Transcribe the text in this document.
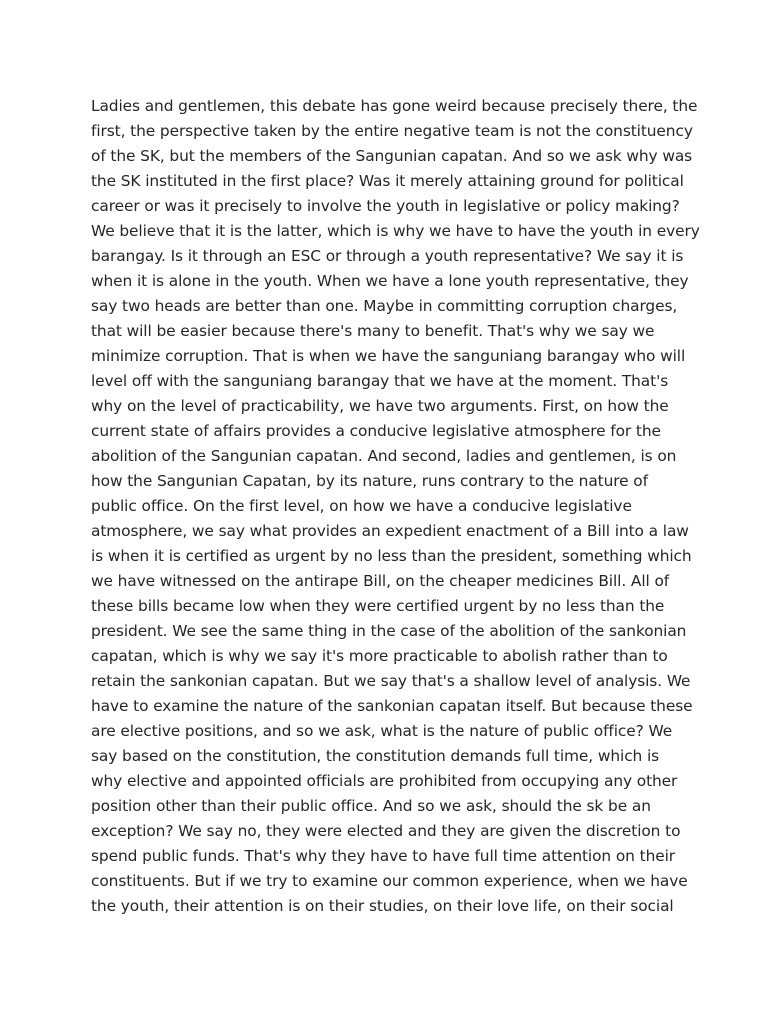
Ladies and gentlemen, this debate has gone weird because precisely there, the
first, the perspective taken by the entire negative team is not the constituency
of the SK, but the members of the Sangunian capatan. And so we ask why was
the SK instituted in the first place? Was it merely attaining ground for political
career or was it precisely to involve the youth in legislative or policy making?
We believe that it is the latter, which is why we have to have the youth in every
barangay. Is it through an ESC or through a youth representative? We say it is
when it is alone in the youth. When we have a lone youth representative, they
say two heads are better than one. Maybe in committing corruption charges,
that will be easier because there's many to benefit. That's why we say we
minimize corruption. That is when we have the sanguniang barangay who will
level off with the sanguniang barangay that we have at the moment. That's
why on the level of practicability, we have two arguments. First, on how the
current state of affairs provides a conducive legislative atmosphere for the
abolition of the Sangunian capatan. And second, ladies and gentlemen, is on
how the Sangunian Capatan, by its nature, runs contrary to the nature of
public office. On the first level, on how we have a conducive legislative
atmosphere, we say what provides an expedient enactment of a Bill into a law
is when it is certified as urgent by no less than the president, something which
we have witnessed on the antirape Bill, on the cheaper medicines Bill. All of
these bills became low when they were certified urgent by no less than the
president. We see the same thing in the case of the abolition of the sankonian
capatan, which is why we say it's more practicable to abolish rather than to
retain the sankonian capatan. But we say that's a shallow level of analysis. We
have to examine the nature of the sankonian capatan itself. But because these
are elective positions, and so we ask, what is the nature of public office? We
say based on the constitution, the constitution demands full time, which is
why elective and appointed officials are prohibited from occupying any other
position other than their public office. And so we ask, should the sk be an
exception? We say no, they were elected and they are given the discretion to
spend public funds. That's why they have to have full time attention on their
constituents. But if we try to examine our common experience, when we have
the youth, their attention is on their studies, on their love life, on their social
